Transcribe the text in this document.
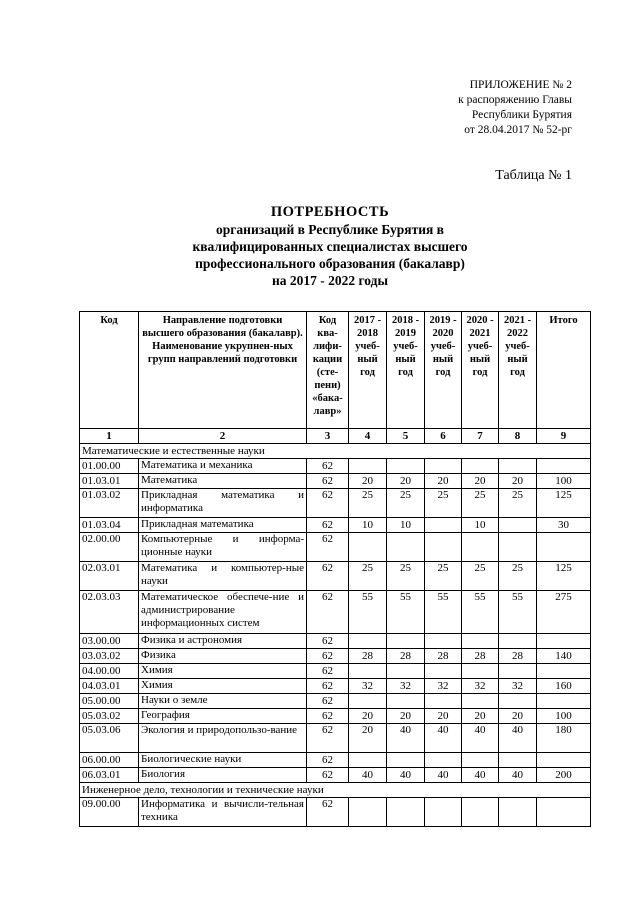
ПРИЛОЖЕНИЕ № 2
к распоряжению Главы
Республики Бурятия
от 28.04.2017 № 52-рг
Таблица № 1
ПОТРЕБНОСТЬ
организаций в Республике Бурятия в
квалифицированных специалистах высшего
профессионального образования (бакалавр)
на 2017 - 2022 годы
Код	Направление подготовки высшего образования (бакалавр). Наименование укрупнен-ных групп направлений подготовки	Код ква-лифи-кации (сте-пени) «бака-лавр»	2017 - 2018 учеб-ный год	2018 - 2019 учеб-ный год	2019 - 2020 учеб-ный год	2020 - 2021 учеб-ный год	2021 - 2022 учеб-ный год	Итого
1	2	3	4	5	6	7	8	9
Математические и естественные науки								
01.00.00	Математика и механика	62						
01.03.01	Математика	62	20	20	20	20	20	100
01.03.02	Прикладная математика и информатика	62	25	25	25	25	25	125
01.03.04	Прикладная математика	62	10	10		10		30
02.00.00	Компьютерные и информа-ционные науки	62						
02.03.01	Математика и компьютер-ные науки	62	25	25	25	25	25	125
02.03.03	Математическое обеспече-ние и администрирование информационных систем	62	55	55	55	55	55	275
03.00.00	Физика и астрономия	62						
03.03.02	Физика	62	28	28	28	28	28	140
04.00.00	Химия	62						
04.03.01	Химия	62	32	32	32	32	32	160
05.00.00	Науки о земле	62						
05.03.02	География	62	20	20	20	20	20	100
05.03.06	Экология и природопользо-вание	62	20	40	40	40	40	180
06.00.00	Биологические науки	62						
06.03.01	Биология	62	40	40	40	40	40	200
Инженерное дело, технологии и технические науки								
09.00.00	Информатика и вычисли-тельная техника	62						
